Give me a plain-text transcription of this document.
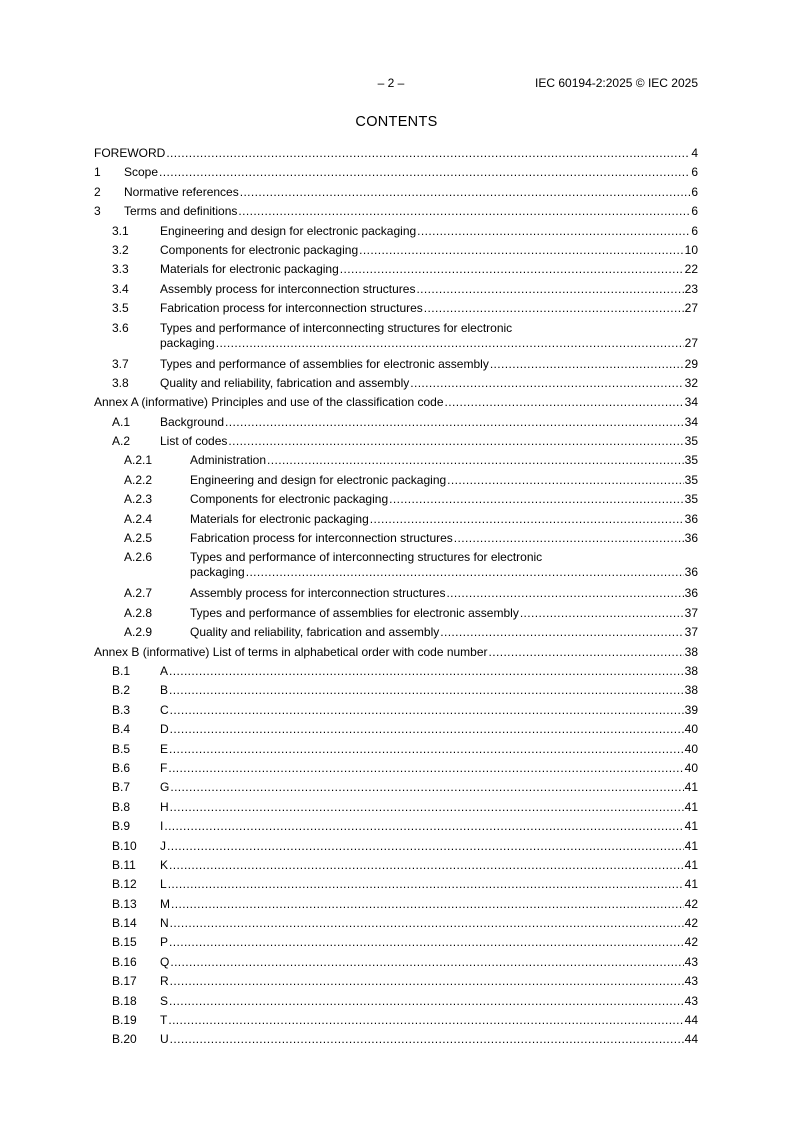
– 2 –	IEC 60194-2:2025 © IEC 2025
CONTENTS
FOREWORD .....	4
1 Scope .....	6
2 Normative references .....	6
3 Terms and definitions .....	6
3.1	Engineering and design for electronic packaging .....	6
3.2	Components for electronic packaging .....	10
3.3	Materials for electronic packaging .....	22
3.4	Assembly process for interconnection structures .....	23
3.5	Fabrication process for interconnection structures .....	27
3.6	Types and performance of interconnecting structures for electronic
packaging .....	27
3.7	Types and performance of assemblies for electronic assembly .....	29
3.8	Quality and reliability, fabrication and assembly .....	32
Annex A (informative) Principles and use of the classification code .....	34
A.1 Background .....	34
A.2 List of codes .....	35
A.2.1	Administration .....	35
A.2.2	Engineering and design for electronic packaging .....	35
A.2.3	Components for electronic packaging .....	35
A.2.4	Materials for electronic packaging .....	36
A.2.5	Fabrication process for interconnection structures .....	36
A.2.6	Types and performance of interconnecting structures for electronic
packaging .....	36
A.2.7	Assembly process for interconnection structures .....	36
A.2.8	Types and performance of assemblies for electronic assembly .....	37
A.2.9	Quality and reliability, fabrication and assembly .....	37
Annex B (informative) List of terms in alphabetical order with code number .....	38
B.1 A .....	38
B.2 B .....	38
B.3 C .....	39
B.4 D .....	40
B.5 E .....	40
B.6 F .....	40
B.7 G .....	41
B.8 H .....	41
B.9 I .....	41
B.10 J .....	41
B.11 K .....	41
B.12 L .....	41
B.13 M .....	42
B.14 N .....	42
B.15 P .....	42
B.16 Q .....	43
B.17 R .....	43
B.18 S .....	43
B.19 T .....	44
B.20 U .....	44
